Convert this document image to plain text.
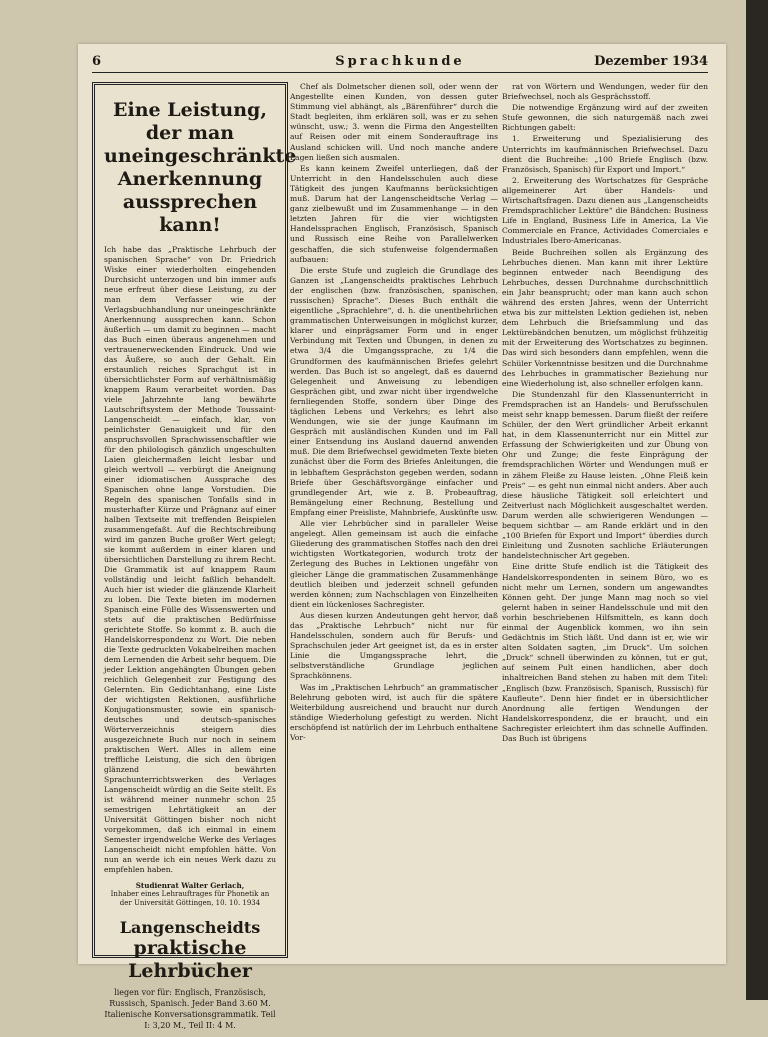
6	Sprachkunde	Dezember 1934
Eine Leistung, der man uneingeschränkte Anerkennung aussprechen kann!

Ich habe das „Praktische Lehrbuch der spanischen Sprache“ von Dr. Friedrich Wiske einer wiederholten eingehenden Durchsicht unterzogen und bin immer aufs neue erfreut über diese Leistung, zu der man dem Verfasser wie der Verlagsbuchhandlung nur uneingeschränkte Anerkennung aussprechen kann. Schon äußerlich — um damit zu beginnen — macht das Buch einen überaus angenehmen und vertrauenerweckenden Eindruck. Und wie das Äußere, so auch der Gehalt. Ein erstaunlich reiches Sprachgut ist in übersichtlichster Form auf verhältnismäßig knappem Raum verarbeitet worden. Das viele Jahrzehnte lang bewährte Lautschriftsystem der Methode Toussaint-Langenscheidt — einfach, klar, von peinlichster Genauigkeit und für den anspruchsvollen Sprachwissenschaftler wie für den philologisch gänzlich ungeschulten Laien gleichermaßen leicht lesbar und gleich wertvoll — verbürgt die Aneignung einer idiomatischen Aussprache des Spanischen ohne lange Vorstudien. Die Regeln des spanischen Tonfalls sind in musterhafter Kürze und Prägnanz auf einer halben Textseite mit treffenden Beispielen zusammengefaßt. Auf die Rechtschreibung wird im ganzen Buche großer Wert gelegt; sie kommt außerdem in einer klaren und übersichtlichen Darstellung zu ihrem Recht. Die Grammatik ist auf knappem Raum vollständig und leicht faßlich behandelt. Auch hier ist wieder die glänzende Klarheit zu loben. Die Texte bieten im modernen Spanisch eine Fülle des Wissenswerten und stets auf die praktischen Bedürfnisse gerichtete Stoffe. So kommt z. B. auch die Handelskorrespondenz zu Wort. Die neben die Texte gedruckten Vokabelreihen machen dem Lernenden die Arbeit sehr bequem. Die jeder Lektion angehängten Übungen geben reichlich Gelegenheit zur Festigung des Gelernten. Ein Gedichtanhang, eine Liste der wichtigsten Rektionen, ausführliche Konjugationsmuster, sowie ein spanisch-deutsches und deutsch-spanisches Wörterverzeichnis steigern dies ausgezeichnete Buch nur noch in seinem praktischen Wert. Alles in allem eine treffliche Leistung, die sich den übrigen glänzend bewährten Sprachunterrichtswerken des Verlages Langenscheidt würdig an die Seite stellt. Es ist während meiner nunmehr schon 25 semestrigen Lehrtätigkeit an der Universität Göttingen bisher noch nicht vorgekommen, daß ich einmal in einem Semester irgendwelche Werke des Verlages Langenscheidt nicht empfohlen hätte. Von nun an werde ich ein neues Werk dazu zu empfehlen haben.

Studienrat Walter Gerlach,
Inhaber eines Lehrauftrages für Phonetik an der Universität Göttingen, 10. 10. 1934
Langenscheidts
praktische Lehrbücher
liegen vor für: Englisch, Französisch, Russisch, Spanisch. Jeder Band 3.60 M. Italienische Konversationsgrammatik. Teil I: 3,20 M., Teil II: 4 M.

Chef als Dolmetscher dienen soll, oder wenn der Angestellte einen Kunden, von dessen guter Stimmung viel abhängt, als „Bärenführer“ durch die Stadt begleiten, ihm erklären soll, was er zu sehen wünscht, usw.; 3. wenn die Firma den Angestellten auf Reisen oder mit einem Sonderauftrage ins Ausland schicken will. Und noch manche andere Lagen ließen sich ausmalen.

Es kann keinem Zweifel unterliegen, daß der Unterricht in den Handelsschulen auch diese Tätigkeit des jungen Kaufmanns berücksichtigen muß. Darum hat der Langenscheidtsche Verlag — ganz zielbewußt und im Zusammenhange — in den letzten Jahren für die vier wichtigsten Handelssprachen Englisch, Französisch, Spanisch und Russisch eine Reihe von Parallelwerken geschaffen, die sich stufenweise folgendermaßen aufbauen:

Die erste Stufe und zugleich die Grundlage des Ganzen ist „Langenscheidts praktisches Lehrbuch der englischen (bzw. französischen, spanischen, russischen) Sprache“. Dieses Buch enthält die eigentliche „Sprachlehre“, d. h. die unentbehrlichen grammatischen Unterweisungen in möglichst kurzer, klarer und einprägsamer Form und in enger Verbindung mit Texten und Übungen, in denen zu etwa 3/4 die Umgangssprache, zu 1/4 die Grundformen des kaufmännischen Briefes gelehrt werden. Das Buch ist so angelegt, daß es dauernd Gelegenheit und Anweisung zu lebendigen Gesprächen gibt, und zwar nicht über irgendwelche fernliegenden Stoffe, sondern über Dinge des täglichen Lebens und Verkehrs; es lehrt also Wendungen, wie sie der junge Kaufmann im Gespräch mit ausländischen Kunden und im Fall einer Entsendung ins Ausland dauernd anwenden muß. Die dem Briefwechsel gewidmeten Texte bieten zunächst über die Form des Briefes Anleitungen, die in lebhaftem Gesprächston gegeben werden, sodann Briefe über Geschäftsvorgänge einfacher und grundlegender Art, wie z. B. Probeauftrag, Bemängelung einer Rechnung, Bestellung und Empfang einer Preisliste, Mahnbriefe, Auskünfte usw.

Alle vier Lehrbücher sind in paralleler Weise angelegt. Allen gemeinsam ist auch die einfache Gliederung des grammatischen Stoffes nach den drei wichtigsten Wortkategorien, wodurch trotz der Zerlegung des Buches in Lektionen ungefähr von gleicher Länge die grammatischen Zusammenhänge deutlich bleiben und jederzeit schnell gefunden werden können; zum Nachschlagen von Einzelheiten dient ein lückenloses Sachregister.

Aus diesen kurzen Andeutungen geht hervor, daß das „Praktische Lehrbuch“ nicht nur für Handelsschulen, sondern auch für Berufs- und Sprachschulen jeder Art geeignet ist, da es in erster Linie die Umgangssprache lehrt, die selbstverständliche Grundlage jeglichen Sprachkönnens.

Was im „Praktischen Lehrbuch“ an grammatischer Belehrung geboten wird, ist auch für die spätere Weiterbildung ausreichend und braucht nur durch ständige Wiederholung gefestigt zu werden. Nicht erschöpfend ist natürlich der im Lehrbuch enthaltene Vor-

rat von Wörtern und Wendungen, weder für den Briefwechsel, noch als Gesprächsstoff.

Die notwendige Ergänzung wird auf der zweiten Stufe gewonnen, die sich naturgemäß nach zwei Richtungen gabelt:

1. Erweiterung und Spezialisierung des Unterrichts im kaufmännischen Briefwechsel. Dazu dient die Buchreihe: „100 Briefe Englisch (bzw. Französisch, Spanisch) für Export und Import.“

2. Erweiterung des Wortschatzes für Gespräche allgemeinerer Art über Handels- und Wirtschaftsfragen. Dazu dienen aus „Langenscheidts Fremdsprachlicher Lektüre“ die Bändchen: Business Life in England, Business Life in America, La Vie Commerciale en France, Actividades Comerciales e Industriales Ibero-Americanas.

Beide Buchreihen sollen als Ergänzung des Lehrbuches dienen. Man kann mit ihrer Lektüre beginnen entweder nach Beendigung des Lehrbuches, dessen Durchnahme durchschnittlich ein Jahr beansprucht; oder man kann auch schon während des ersten Jahres, wenn der Unterricht etwa bis zur mittelsten Lektion gediehen ist, neben dem Lehrbuch die Briefsammlung und das Lektürebändchen benutzen, um möglichst frühzeitig mit der Erweiterung des Wortschatzes zu beginnen. Das wird sich besonders dann empfehlen, wenn die Schüler Vorkenntnisse besitzen und die Durchnahme des Lehrbuches in grammatischer Beziehung nur eine Wiederholung ist, also schneller erfolgen kann.

Die Stundenzahl für den Klassenunterricht in Fremdsprachen ist an Handels- und Berufsschulen meist sehr knapp bemessen. Darum fließt der reifere Schüler, der den Wert gründlicher Arbeit erkannt hat, in dem Klassenunterricht nur ein Mittel zur Erfassung der Schwierigkeiten und zur Übung von Ohr und Zunge; die feste Einprägung der fremdsprachlichen Wörter und Wendungen muß er in zähem Fleiße zu Hause leisten. „Ohne Fleiß kein Preis“ — es geht nun einmal nicht anders. Aber auch diese häusliche Tätigkeit soll erleichtert und Zeitverlust nach Möglichkeit ausgeschaltet werden. Darum werden alle schwierigeren Wendungen — bequem sichtbar — am Rande erklärt und in den „100 Briefen für Export und Import“ überdies durch Einleitung und Zusnoten sachliche Erläuterungen handelstechnischer Art gegeben.

Eine dritte Stufe endlich ist die Tätigkeit des Handelskorrespondenten in seinem Büro, wo es nicht mehr um Lernen, sondern um angewandtes Können geht. Der junge Mann mag noch so viel gelernt haben in seiner Handelsschule und mit den vorhin beschriebenen Hilfsmitteln, es kann doch einmal der Augenblick kommen, wo ihn sein Gedächtnis im Stich läßt. Und dann ist er, wie wir alten Soldaten sagten, „im Druck“. Um solchen „Druck“ schnell überwinden zu können, tut er gut, auf seinem Pult einen handlichen, aber doch inhaltreichen Band stehen zu haben mit dem Titel: „Englisch (bzw. Französisch, Spanisch, Russisch) für Kaufleute“. Denn hier findet er in übersichtlicher Anordnung alle fertigen Wendungen der Handelskorrespondenz, die er braucht, und ein Sachregister erleichtert ihm das schnelle Auffinden. Das Buch ist übrigens
